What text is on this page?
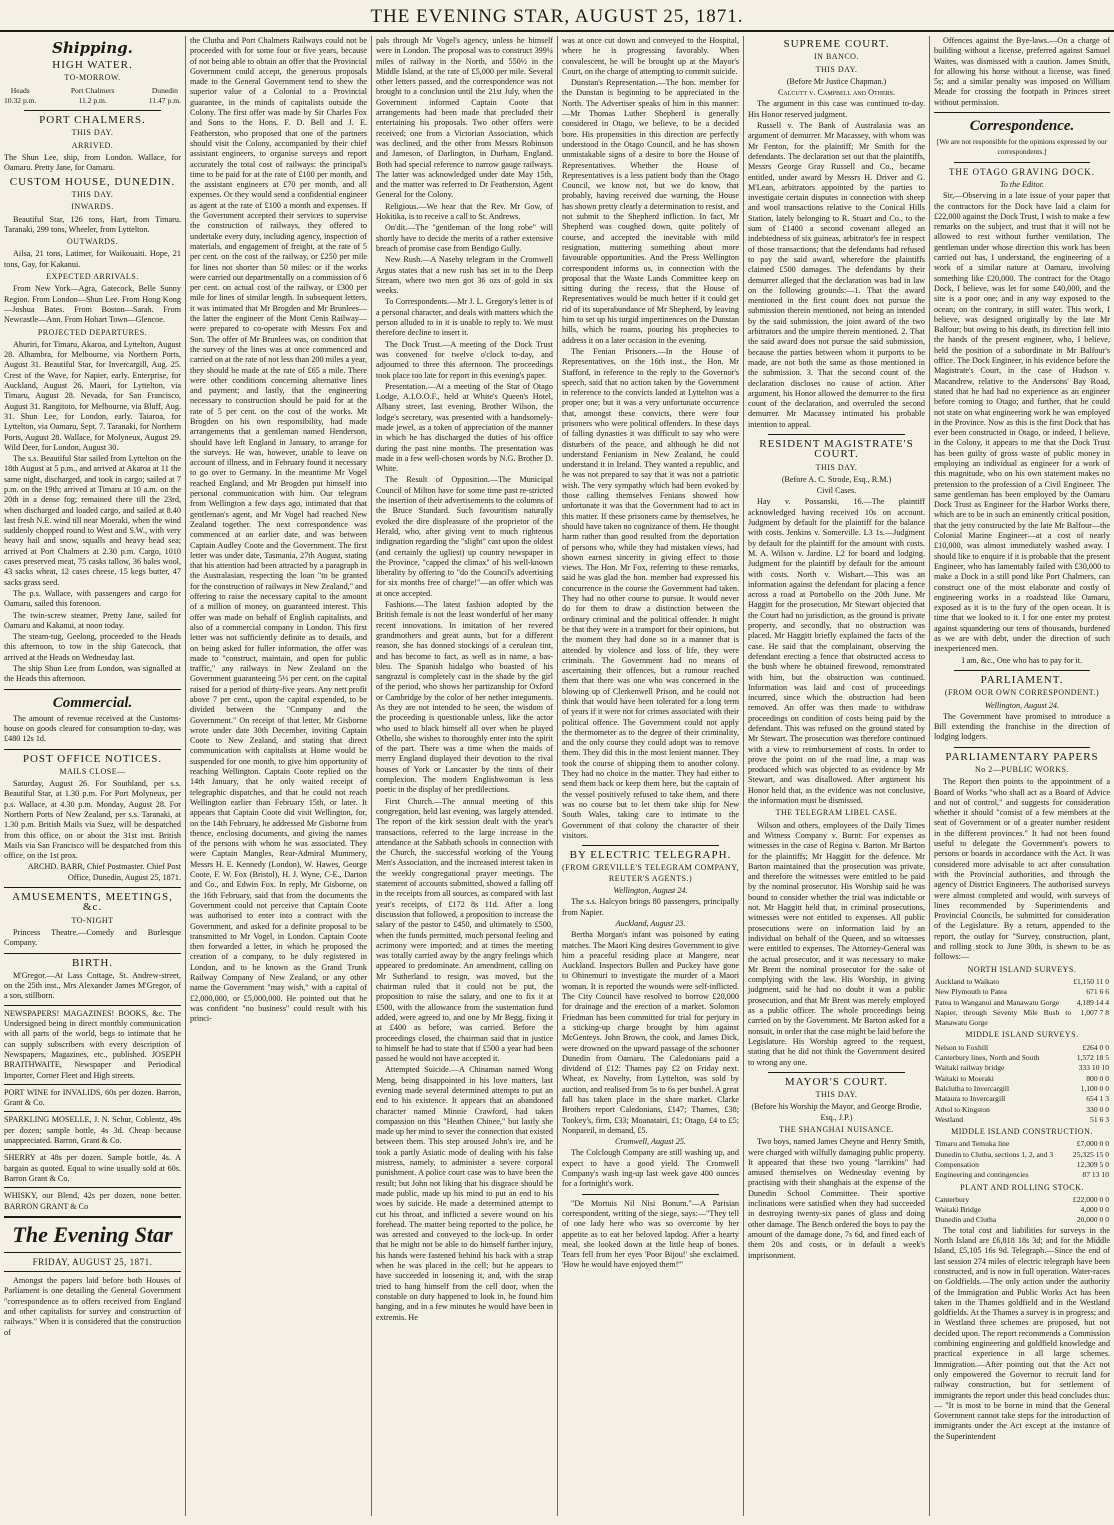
THE EVENING STAR, AUGUST 25, 1871.
Shipping.
HIGH WATER.
TO-MORROW.
Heads
10.32 p.m.
Port Chalmers
11.2 p.m.
Dunedin
11.47 p.m.
PORT CHALMERS.
THIS DAY.
ARRIVED.

The Shun Lee, ship, from London. Wallace, for Oamaru. Pretty Jane, for Oamaru.

CUSTOM HOUSE, DUNEDIN.
THIS DAY.
INWARDS.

Beautiful Star, 126 tons, Hart, from Timaru. Taranaki, 299 tons, Wheeler, from Lyttelton.

OUTWARDS.

Ailsa, 21 tons, Latimer, for Waikouaiti. Hope, 21 tons, Gay, for Kakanui.

EXPECTED ARRIVALS.

From New York—Agra, Gatecock, Belle Sunny Region. From London—Shun Lee. From Hong Kong—Joshua Bates. From Boston—Sarah. From Newcastle—Ann. From Hobart Town—Glencoe.

PROJECTED DEPARTURES.

Ahuriri, for Timaru, Akaroa, and Lyttelton, August 28. Alhambra, for Melbourne, via Northern Ports, August 31. Beautiful Star, for Invercargill, Aug. 25. Crest of the Wave, for Napier, early. Enterprise, for Auckland, August 26. Maori, for Lyttelton, via Timaru, August 28. Nevada, for San Francisco, August 31. Rangitoto, for Melbourne, via Bluff, Aug. 31. Shun Lee, for London, early. Taiaroa, for Lyttelton, via Oamaru, Sept. 7. Taranaki, for Northern Ports, August 28. Wallace, for Molyneux, August 29. Wild Deer, for London, August 30.

The s.s. Beautiful Star sailed from Lyttelton on the 18th August at 5 p.m., and arrived at Akaroa at 11 the same night, discharged, and took in cargo; sailed at 7 p.m. on the 19th; arrived at Timaru at 10 a.m. on the 20th in a dense fog; remained there till the 23rd, when discharged and loaded cargo, and sailed at 8.40 last fresh N.E. wind till near Moeraki, when the wind suddenly chopped round to West and S.W., with very heavy hail and snow, squalls and heavy head sea; arrived at Port Chalmers at 2.30 p.m. Cargo, 1010 cases preserved meat, 75 casks tallow, 36 bales wool, 43 sacks wheat, 12 cases cheese, 15 kegs butter, 47 sacks grass seed.

The p.s. Wallace, with passengers and cargo for Oamaru, sailed this forenoon.

The twin-screw steamer, Pretty Jane, sailed for Oamaru and Kakanui, at noon today.

The steam-tug, Geelong, proceeded to the Heads this afternoon, to tow in the ship Gatecock, that arrived at the Heads on Wednesday last.

The ship Shun Lee from London, was signalled at the Heads this afternoon.

Commercial.

The amount of revenue received at the Customs-house on goods cleared for consumption to-day, was £480 12s 1d.

POST OFFICE NOTICES.
MAILS CLOSE—

Saturday, August 26. For Southland, per s.s. Beautiful Star, at 1.30 p.m. For Port Molyneux, per p.s. Wallace, at 4.30 p.m. Monday, August 28. For Northern Ports of New Zealand, per s.s. Taranaki, at 1.30 p.m. British Mails via Suez, will be despatched from this office, on or about the 31st inst. British Mails via San Francisco will be despatched from this office, on the 1st prox.

ARCHD. BARR, Chief Postmaster. Chief Post Office, Dunedin, August 25, 1871.

AMUSEMENTS, MEETINGS, &c.
TO-NIGHT

Princess Theatre.—Comedy and Burlesque Company.

BIRTH.

M'Gregor.—At Lass Cottage, St. Andrew-street, on the 25th inst., Mrs Alexander James M'Gregor, of a son, stillborn.

NEWSPAPERS! MAGAZINES! BOOKS, &c. The Undersigned being in direct monthly communication with all parts of the world, begs to intimate that he can supply subscribers with every description of Newspapers, Magazines, etc., published. JOSEPH BRAITHWAITE, Newspaper and Periodical Importer, Corner Fleet and High streets.

PORT WINE for INVALIDS, 60s per dozen. Barron, Grant & Co.

SPARKLING MOSELLE, J. N. Schur, Coblentz, 49s per dozen; sample bottle, 4s 3d. Cheap because unappreciated. Barron, Grant & Co.

SHERRY at 48s per dozen. Sample bottle, 4s. A bargain as quoted. Equal to wine usually sold at 60s. Barron Grant & Co.

WHISKY, our Blend, 42s per dozen, none better. BARRON GRANT & Co

The Evening Star
FRIDAY, AUGUST 25, 1871.

Amongst the papers laid before both Houses of Parliament is one detailing the General Government "correspondence as to offers received from England and other capitalists for survey and construction of railways." When it is considered that the construction of

the Clutha and Port Chalmers Railways could not be proceeded with for some four or five years, because of not being able to obtain an offer that the Provincial Government could accept, the generous proposals made to the General Government tend to shew the superior value of a Colonial to a Provincial guarantee, in the minds of capitalists outside the Colony. The first offer was made by Sir Charles Fox and Sons to the Hons. F. D. Bell and J. E. Featherston, who proposed that one of the partners should visit the Colony, accompanied by their chief assistant engineers, to organise surveys and report accurately the total cost of railways: the principal's time to be paid for at the rate of £100 per month, and the assistant engineers at £70 per month, and all expenses. Or they would send a confidential engineer as agent at the rate of £100 a month and expenses. If the Government accepted their services to supervise the construction of railways, they offered to undertake every duty, including agency, inspection of materials, and engagement of freight, at the rate of 5 per cent. on the cost of the railway, or £250 per mile for lines not shorter than 50 miles: or if the works were carried out departmentally on a commission of 6 per cent. on actual cost of the railway, or £300 per mile for lines of similar length. In subsequent letters, it was intimated that Mr Brogden and Mr Brunlees—the latter the engineer of the Mont Cenis Railway—were prepared to co-operate with Messrs Fox and Son. The offer of Mr Brunlees was, on condition that the survey of the lines was at once commenced and carried on at the rate of not less than 200 miles a year, they should be made at the rate of £65 a mile. There were other conditions concerning alternative lines and payment; and lastly, that the engineering necessary to construction should be paid for at the rate of 5 per cent. on the cost of the works. Mr Brogden on his own responsibility, had made arrangements that a gentleman named Henderson, should have left England in January, to arrange for the surveys. He was, however, unable to leave on account of illness, and in February found it necessary to go over to Germany. In the meantime Mr Vogel reached England, and Mr Brogden put himself into personal communication with him. Our telegram from Wellington a few days ago, intimated that that gentleman's agent, and Mr Vogel had reached New Zealand together. The next correspondence was commenced at an earlier date, and was between Captain Audley Coote and the Government. The first letter was under date, Tasmania, 27th August, stating that his attention had been attracted by a paragraph in the Australasian, respecting the loan "to be granted for the construction of railways in New Zealand," and offering to raise the necessary capital to the amount of a million of money, on guaranteed interest. This offer was made on behalf of English capitalists, and also of a commercial company in London. This first letter was not sufficiently definite as to details, and on being asked for fuller information, the offer was made to "construct, maintain, and open for public traffic," any railways in New Zealand on the Government guaranteeing 5½ per cent. on the capital raised for a period of thirty-five years. Any nett profit above 7 per cent., upon the capital expended, to be divided between the "Company and the Government." On receipt of that letter, Mr Gisborne wrote under date 30th December, inviting Captain Coote to New Zealand, and stating that direct communication with capitalists at Home would be suspended for one month, to give him opportunity of reaching Wellington. Captain Coote replied on the 14th January, that he only waited receipt of telegraphic dispatches, and that he could not reach Wellington earlier than February 15th, or later. It appears that Captain Coote did visit Wellington, for, on the 14th February, he addressed Mr Gisborne from thence, enclosing documents, and giving the names of the persons with whom he was associated. They were Captain Mangles, Rear-Admiral Mummery, Messrs H. E. Kennedy (London), W. Hawes, George Coote, F. W. Fox (Bristol), H. J. Wyne, C-E., Darton and Co., and Edwin Fox. In reply, Mr Gisborne, on the 16th February, said that from the documents the Government could not perceive that Captain Coote was authorised to enter into a contract with the Government, and asked for a definite proposal to be transmitted to Mr Vogel, in London. Captain Coote then forwarded a letter, in which he proposed the creation of a company, to be duly registered in London, and to be known as the Grand Trunk Railway Company of New Zealand, or any other name the Government "may wish," with a capital of £2,000,000, or £5,000,000. He pointed out that he was confident "no business" could result with his princi-

pals through Mr Vogel's agency, unless he himself were in London. The proposal was to construct 399¼ miles of railway in the North, and 550½ in the Middle Island, at the rate of £5,000 per mile. Several other letters passed, and the correspondence was not brought to a conclusion until the 21st July, when the Government informed Captain Coote that arrangements had been made that precluded their entertaining his proposals. Two other offers were received; one from a Victorian Association, which was declined, and the other from Messrs Robinson and Jameson, of Darlington, in Durham, England. Both had special reference to narrow gauge railways. The latter was acknowledged under date May 15th, and the matter was referred to Dr Featherston, Agent General for the Colony.

Religious.—We hear that the Rev. Mr Gow, of Hokitika, is to receive a call to St. Andrews.

On'dit.—The "gentleman of the long robe" will shortly have to decide the merits of a rather extensive breach of promise case from Bendigo Gully.

New Rush.—A Naseby telegram in the Cromwell Argus states that a new rush has set in to the Deep Stream, where two men got 36 ozs of gold in six weeks.

To Correspondents.—Mr J. L. Gregory's letter is of a personal character, and deals with matters which the person alluded to in it is unable to reply to. We must therefore decline to insert it.

The Dock Trust.—A meeting of the Dock Trust was convened for twelve o'clock to-day, and adjourned to three this afternoon. The proceedings took place too late for report in this evening's paper.

Presentation.—At a meeting of the Star of Otago Lodge, A.I.O.O.F., held at White's Queen's Hotel, Albany street, last evening, Brother Wilson, the lodge's secretary, was presented with a handsomely-made jewel, as a token of appreciation of the manner in which he has discharged the duties of his office during the past nine months. The presentation was made in a few well-chosen words by N.G. Brother D. White.

The Result of Opposition.—The Municipal Council of Milton have for some time past re-stricted the insertion of their advertisements to the columns of the Bruce Standard. Such favouritism naturally evoked the dire displeasure of the proprietor of the Herald, who, after giving vent to much righteous indignation regarding the "slight" cast upon the oldest (and certainly the ugliest) up country newspaper in the Province, "capped the climax" of his well-known liberality by offering to "do the Council's advertising for six months free of charge!"—an offer which was at once accepted.

Fashions.—The latest fashion adopted by the British female is not the least wonderful of her many recent innovations. In imitation of her revered grandmothers and great aunts, but for a different reason, she has donned stockings of a cerulean tint, and has become to fact, as well as in name, a bas-bleu. The Spanish hidalgo who boasted of his sangrazul is completely cast in the shade by the girl of the period, who shows her partizanship for Oxford or Cambridge by the color of her nether integuments. As they are not intended to be seen, the wisdom of the proceeding is questionable unless, like the actor who used to black himself all over when he played Othello, she wishes to thoroughly enter into the spirit of the part. There was a time when the maids of merry England displayed their devotion to the rival houses of York or Lancaster by the tints of their complexion. The modern Englishwoman is less poetic in the display of her predilections.

First Church.—The annual meeting of this congregation, held last evening, was largely attended. The report of the kirk session dealt with the year's transactions, referred to the large increase in the attendance at the Sabbath schools in connection with the Church, the successful working of the Young Men's Association, and the increased interest taken in the weekly congregational prayer meetings. The statement of accounts submitted, showed a falling off in the receipts from all sources, as compared with last year's receipts, of £172 8s 11d. After a long discussion that followed, a proposition to increase the salary of the pastor to £450, and ultimately to £500, when the funds permitted, much personal feeling and acrimony were imported; and at times the meeting was totally carried away by the angry feelings which appeared to predominate. An amendment, calling on Mr Sutherland to resign, was moved, but the chairman ruled that it could not be put, the proposition to raise the salary, and one to fix it at £500, with the allowance from the sustentation fund added, were agreed to, and one by Mr Begg, fixing it at £400 as before, was carried. Before the proceedings closed, the chairman said that in justice to himself he had to state that if £500 a year had been passed he would not have accepted it.

Attempted Suicide.—A Chinaman named Wong Meng, being disappointed in his love matters, last evening made several determined attempts to put an end to his existence. It appears that an abandoned character named Minnie Crawford, had taken compassion on this "Heathen Chinee," but lastly she made up her mind to sever the connection that existed between them. This step aroused John's ire, and he took a partly Asiatic mode of dealing with his false mistress, namely, to administer a severe corporal punishment. A police court case was to have been the result; but John not liking that his disgrace should be made public, made up his mind to put an end to his woes by suicide. He made a determined attempt to cut his throat, and inflicted a severe wound on his forehead. The matter being reported to the police, he was arrested and conveyed to the lock-up. In order that he might not be able to do himself further injury, his hands were fastened behind his back with a strap when he was placed in the cell; but he appears to have succeeded in loosening it, and, with the strap tried to hang himself from the cell door, when the constable on duty happened to look in, he found him hanging, and in a few minutes he would have been in extremis. He

was at once cut down and conveyed to the Hospital, where he is progressing favorably. When convalescent, he will be brought up at the Mayor's Court, on the charge of attempting to commit suicide.

Dunstan's Representation.—The hon. member for the Dunstan is beginning to be appreciated in the North. The Advertiser speaks of him in this manner:—Mr Thomas Luther Shepherd is generally considered in Otago, we believe, to be a decided bore. His propensities in this direction are perfectly understood in the Otago Council, and he has shown unmistakable signs of a desire to bore the House of Representatives. Whether the House of Representatives is a less patient body than the Otago Council, we know not, but we do know, that probably, having received due warning, the House has shown pretty clearly a determination to resist, and not submit to the Shepherd infliction. In fact, Mr Shepherd was coughed down, quite politely of course, and accepted the inevitable with mild resignation, muttering something about more favourable opportunities. And the Press Wellington correspondent informs us, in connection with the proposal that the Waste Lands Committee keep on sitting during the recess, that the House of Representatives would be much better if it could get rid of its superabundance of Mr Shepherd, by leaving him to set up his turgid impertinences on the Dunstan hills, which he roams, pouring his prophecies to address it on a later occasion in the evening.

The Fenian Prisoners.—In the House of Representatives, on the 16th inst., the Hon. Mr Stafford, in reference to the reply to the Governor's speech, said that no action taken by the Government in reference to the convicts landed at Lyttelton was a proper one; but it was a very unfortunate occurrence that, amongst these convicts, there were four prisoners who were political offenders. In these days of falling dynasties it was difficult to say who were disturbers of the peace, and although he did not understand Fenianism in New Zealand, he could understand it in Ireland. They wanted a republic, and he was not prepared to say that it was not a patriotic wish. The very sympathy which had been evoked by those calling themselves Fenians showed how unfortunate it was that the Government had to act in this matter. If these prisoners came by themselves, he should have taken no cognizance of them. He thought harm rather than good resulted from the deportation of persons who, while they had mistaken views, had shown earnest sincerity in giving effect to those views. The Hon. Mr Fox, referring to these remarks, said he was glad the hon. member had expressed his concurrence in the course the Government had taken. They had no other course to pursue. It would never do for them to draw a distinction between the ordinary criminal and the political offender. It might be that they were in a transport for their opinions, but the moment they had done so in a manner that is attended by violence and loss of life, they were criminals. The Government had no means of ascertaining their offences, but a rumour reached them that there was one who was concerned in the blowing up of Clerkenwell Prison, and he could not think that would have been tolerated for a long term of years if it were not for crimes associated with their political offence. The Government could not apply the thermometer as to the degree of their criminality, and the only course they could adopt was to remove them. They did this in the most lenient manner. They took the course of shipping them to another colony. They had no choice in the matter. They had either to send them back or keep them here, but the captain of the vessel positively refused to take them, and there was no course but to let them take ship for New South Wales, taking care to intimate to the Government of that colony the character of their visitors.

BY ELECTRIC TELEGRAPH.
(FROM GREVILLE'S TELEGRAM COMPANY, REUTER'S AGENTS.)

Wellington, August 24.

The s.s. Halcyon brings 80 passengers, principally from Napier.

Auckland, August 23.

Bertha Morgan's infant was poisoned by eating matches. The Maori King desires Government to give him a peaceful residing place at Mangere, near Auckland. Inspectors Bullen and Puckey have gone to Ohinemuri to investigate the murder of a Maori woman. It is reported the wounds were self-inflicted. The City Council have resolved to borrow £20,000 for drainage and the erection of a market. Solomon Friedman has been committed for trial for perjury in a sticking-up charge brought by him against McGenteys. John Brown, the cook, and James Dick, were drowned on the upward passage of the schooner Dunedin from Oamaru. The Caledonians paid a dividend of £12: Thames pay £2 on Friday next. Wheat, ex Novelty, from Lyttelton, was sold by auction, and realised from 5s to 6s per bushel. A great fall has taken place in the share market. Clarke Brothers report Caledonians, £147; Thames, £38; Tookey's, firm, £33; Moanatairi, £1; Otago, £4 to £5; Nonpareil, in demand, £5.

Cromwell, August 25.

The Colclough Company are still washing up, and expect to have a good yield. The Cromwell Company's wash ing-up last week gave 400 ounces for a fortnight's work.

"De Mortuis Nil Nisi Bonum."—A Parisian correspondent, writing of the siege, says:—"They tell of one lady here who was so overcome by her appetite as to eat her beloved lapdog. After a hearty meal, she looked down at the little heap of bones. Tears fell from her eyes 'Poor Bijou!' she exclaimed. 'How he would have enjoyed them!'"

SUPREME COURT.
IN BANCO.
THIS DAY.

(Before Mr Justice Chapman.)

Calcutt v. Campbell and Others.

The argument in this case was continued to-day. His Honor reserved judgment.

Russell v. The Bank of Australasia was an argument of demurrer. Mr Macassey, with whom was Mr Fenton, for the plaintiff; Mr Smith for the defendants. The declaration set out that the plaintiffs, Messrs George Gray Russell and Co., became entitled, under award by Messrs H. Driver and G. M'Lean, arbitrators appointed by the parties to investigate certain disputes in connection with sheep and wool transactions relative to the Conical Hills Station, lately belonging to R. Stuart and Co., to the sum of £1400 a second covenant alleged an indebtedness of six guineas, arbitrator's fee in respect of those transactions; that the defendants had refused to pay the said award, wherefore the plaintiffs claimed £500 damages. The defendants by their demurrer alleged that the declaration was bad in law on the following grounds:—1. That the award mentioned in the first count does not pursue the submission therein mentioned, not being an intended by the said submission, the joint award of the two arbitrators and the umpire therein mentioned. 2. That the said award does not pursue the said submission, because the parties between whom it purports to be made, are not both the same as those mentioned in the submission. 3. That the second count of the declaration discloses no cause of action. After argument, his Honor allowed the demurrer to the first count of the declaration, and overruled the second demurrer. Mr Macassey intimated his probable intention to appeal.

RESIDENT MAGISTRATE'S COURT.
THIS DAY.

(Before A. C. Strode, Esq., R.M.)

Civil Cases.

Hay v. Possanski, 16.—The plaintiff acknowledged having received 10s on account. Judgment by default for the plaintiff for the balance with costs. Jenkins v. Somerville. L3 1s.—Judgment by default for the plaintiff for the amount with costs. M. A. Wilson v. Jardine. L2 for board and lodging. Judgment for the plaintiff by default for the amount with costs. North v. Wishart.—This was an information against the defendant for placing a fence across a road at Portobello on the 20th June. Mr Haggitt for the prosecution, Mr Stewart objected that the Court had no jurisdiction, as the ground is private property, and secondly, that no obstruction was placed. Mr Haggitt briefly explained the facts of the case. He said that the complainant, observing the defendant erecting a fence that obstructed access to the bush where he obtained firewood, remonstrated with him, but the obstruction was continued. Information was laid and cost of proceedings incurred, since which the obstruction had been removed. An offer was then made to withdraw proceedings on condition of costs being paid by the defendant. This was refused on the ground stated by Mr Stewart. The prosecution was therefore continued with a view to reimbursement of costs. In order to prove the point on of the road line, a map was produced which was objected to as evidence by Mr Stewart, and was disallowed. After argument his Honor held that, as the evidence was not conclusive, the information must be dismissed.

THE TELEGRAM LIBEL CASE.

Wilson and others, employees of the Daily Times and Witness Company v. Burnt: For expenses as witnesses in the case of Regina v. Barton. Mr Barton for the plaintiffs; Mr Haggitt for the defence. Mr Barton maintained that the prosecution was private, and therefore the witnesses were entitled to be paid by the nominal prosecutor. His Worship said he was bound to consider whether the trial was indictable or not. Mr Haggitt held that, in criminal prosecutions, witnesses were not entitled to expenses. All public prosecutions were on information laid by an individual on behalf of the Queen, and so witnesses were entitled to expenses. The Attorney-General was the actual prosecutor, and it was necessary to make Mr Brent the nominal prosecutor for the sake of complying with the law. His Worship, in giving judgment, said he had no doubt it was a public prosecution, and that Mr Brent was merely employed as a public officer. The whole proceedings being carried on by the Government. Mr Barton asked for a nonsuit, in order that the case might be laid before the Legislature. His Worship agreed to the request, stating that he did not think the Government desired to wrong any one.

MAYOR'S COURT.
THIS DAY.

(Before his Worship the Mayor, and George Brodie, Esq., J.P.)

THE SHANGHAI NUISANCE.

Two boys, named James Cheyne and Henry Smith, were charged with wilfully damaging public property. It appeared that these two young "larrikins" had amused themselves on Wednesday evening by practising with their shanghais at the expense of the Dunedin School Committee. Their sportive inclinations were satisfied when they had succeeded in destroying twenty-six panes of glass and doing other damage. The Bench ordered the boys to pay the amount of the damage done, 7s 6d, and fined each of them 20s and costs, or in default a week's imprisonment.

Offences against the Bye-laws.—On a charge of building without a license, preferred against Samuel Waites, was dismissed with a caution. James Smith, for allowing his horse without a license, was fined 5s; and a similar penalty was imposed on William Meade for crossing the footpath in Princes street without permission.

Correspondence.

[We are not responsible for the opinions expressed by our correspondents.]

THE OTAGO GRAVING DOCK.

To the Editor.

Sir,—Observing in a late issue of your paper that the contractors for the Dock have laid a claim for £22,000 against the Dock Trust, I wish to make a few remarks on the subject, and trust that it will not be allowed to rest without further ventilation. The gentleman under whose direction this work has been carried out has, I understand, the engineering of a work of a similar nature at Oamaru, involving something like £20,000. The contract for the Otago Dock, I believe, was let for some £40,000, and the site is a poor one; and in any way exposed to the ocean; on the contrary, in still water. This work, I believe, was designed originally by the late Mr Balfour; but owing to his death, its direction fell into the hands of the present engineer, who, I believe, held the position of a subordinate in Mr Balfour's office. The Dock Engineer, in his evidence before the Magistrate's Court, in the case of Hudson v. Macandrew, relative to the Andersons' Bay Road, stated that he had had no experience as an engineer before coming to Otago; and further, that he could not state on what engineering work he was employed in the Province. Now as this is the first Dock that has ever been constructed in Otago, or indeed, I believe, in the Colony, it appears to me that the Dock Trust has been guilty of gross waste of public money in employing an individual as engineer for a work of this magnitude, who on his own statement makes no pretension to the profession of a Civil Engineer. The same gentleman has been employed by the Oamaru Dock Trust as Engineer for the Harbor Works there, which are to be in such an eminently critical position, that the jetty constructed by the late Mr Balfour—the Colonial Marine Engineer—at a cost of nearly £10,000, was almost immediately washed away. I should like to enquire if it is probable that the present Engineer, who has lamentably failed with £30,000 to make a Dock in a still pond like Port Chalmers, can construct one of the most elaborate and costly of engineering works in a roadstead like Oamaru, exposed as it is to the fury of the open ocean. It is time that we looked to it. I for one enter my protest against squandering our tens of thousands, burdened as we are with debt, under the direction of such inexperienced men.

I am, &c., One who has to pay for it.

PARLIAMENT.
(FROM OUR OWN CORRESPONDENT.)

Wellington, August 24.

The Government have promised to introduce a Bill extending the franchise in the direction of lodging lodgers.

PARLIAMENTARY PAPERS
No 2—PUBLIC WORKS.

The Report then points to the appointment of a Board of Works "who shall act as a Board of Advice and not of control," and suggests for consideration whether it should "consist of a few members at the seat of Government or of a greater number resident in the different provinces." It had not been found useful to delegate the Government's powers to persons or boards in accordance with the Act. It was considered more advisable to act after consultation with the Provincial authorities, and through the agency of District Engineers. The authorised surveys were almost completed and would, with surveys of lines recommended by Superintendents and Provincial Councils, be submitted for consideration of the Legislature. By a return, appended to the report, the outlay for "Survey, construction, plant, and rolling stock to June 30th, is shewn to be as follows:—

NORTH ISLAND SURVEYS.
Auckland to Waikato	£1,150 11 0
New Plymouth to Patea	671 6 6
Patea to Wanganui and Manawatu Gorge	4,189 14 4
Napier, through Seventy Mile Bush to Manawatu Gorge	1,007 7 8
MIDDLE ISLAND SURVEYS.
Nelson to Foxhill	£264 0 0
Canterbury lines, North and South	1,572 18 5
Waitaki railway bridge	333 10 10
Waitaki to Moeraki	800 0 0
Balclutha to Invercargill	1,100 0 0
Mataura to Invercargill	654 1 3
Athol to Kingston	330 0 0
Westland	51 6 3
MIDDLE ISLAND CONSTRUCTION.
Timaru and Temuka line	£7,000 0 0
Dunedin to Clutha, sections 1, 2, and 3	25,325 15 0
Compensation	12,309 5 0
Engineering and contingencies	87 13 10
PLANT AND ROLLING STOCK.
Canterbury	£22,000 0 0
Waitaki Bridge	4,000 0 0
Dunedin and Clutha	20,000 0 0

The total cost and liabilities for surveys in the North Island are £6,818 18s 3d; and for the Middle Island, £5,105 16s 9d. Telegraph.—Since the end of last session 274 miles of electric telegraph have been constructed, and is now in full operation. Water-races on Goldfields.—The only action under the authority of the Immigration and Public Works Act has been taken in the Thames goldfield and in the Westland goldfields. At the Thames a survey is in progress; and in Westland three schemes are proposed, but not decided upon. The report recommends a Commission combining engineering and goldfield knowledge and practical experience in all large schemes. Immigration.—After pointing out that the Act not only empowered the Governor to recruit land for railway construction, but for settlement of immigrants the report under this head concludes thus:— "It is most to be borne in mind that the General Government cannot take steps for the introduction of immigrants under the Act except at the instance of the Superintendent
